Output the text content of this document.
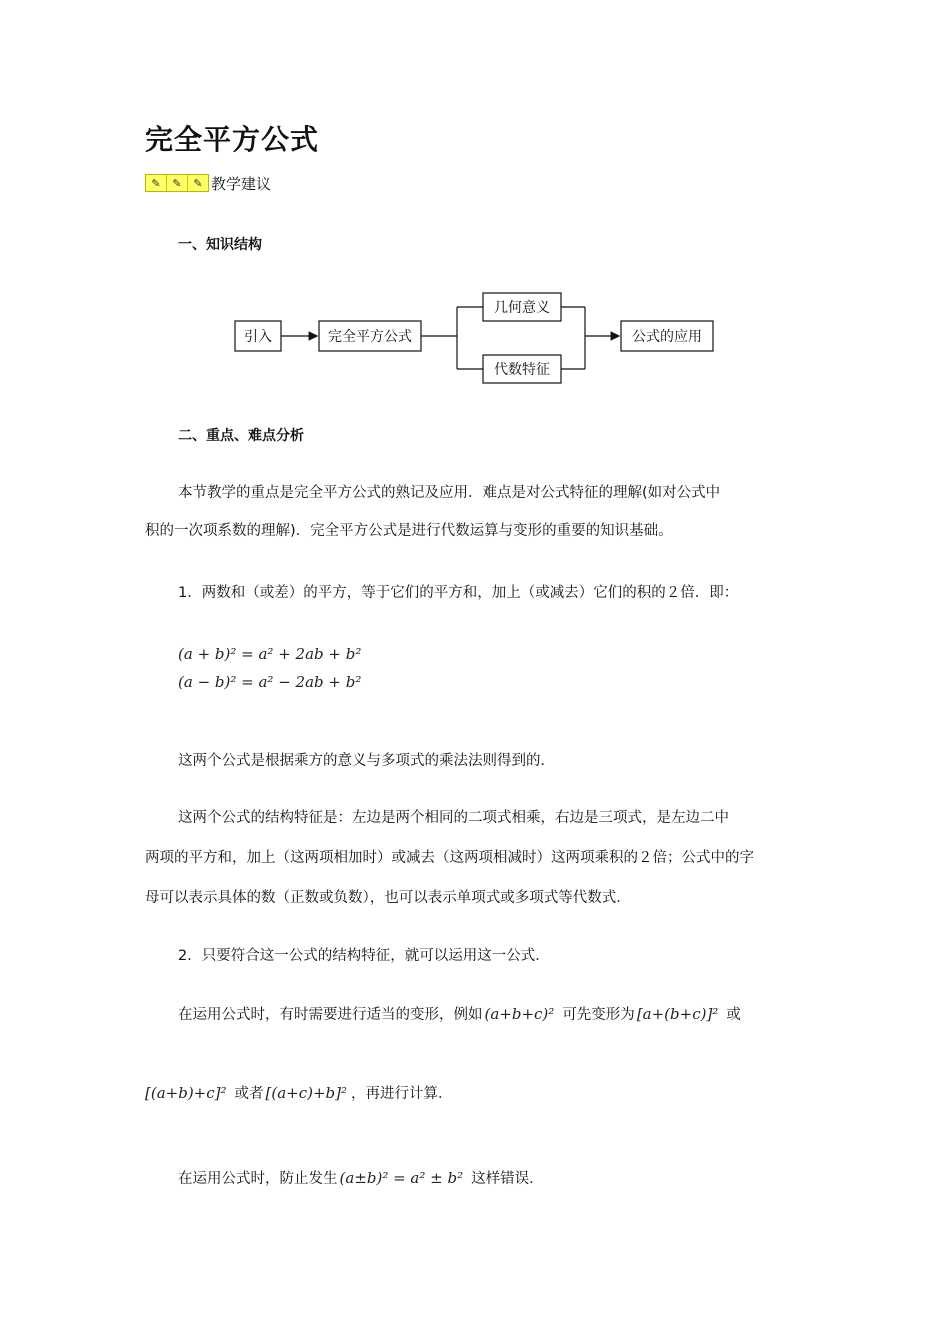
完全平方公式
✎	✎	✎ 教学建议
一、知识结构
引入	完全平方公式
几何意义
代数特征
公式的应用
二、重点、难点分析
本节教学的重点是完全平方公式的熟记及应用．难点是对公式特征的理解(如对公式中
积的一次项系数的理解)．完全平方公式是进行代数运算与变形的重要的知识基础。
1．两数和（或差）的平方，等于它们的平方和，加上（或减去）它们的积的２倍．即：
(a + b)² = a² + 2ab + b²
(a − b)² = a² − 2ab + b²
这两个公式是根据乘方的意义与多项式的乘法法则得到的．
这两个公式的结构特征是：左边是两个相同的二项式相乘，右边是三项式，是左边二中
两项的平方和，加上（这两项相加时）或减去（这两项相减时）这两项乘积的２倍；公式中的字
母可以表示具体的数（正数或负数），也可以表示单项式或多项式等代数式．
2．只要符合这一公式的结构特征，就可以运用这一公式．
在运用公式时，有时需要进行适当的变形，例如 (a+b+c)² 可先变形为 [a+(b+c)]² 或
[(a+b)+c]² 或者 [(a+c)+b]² ，再进行计算．
在运用公式时，防止发生 (a±b)² = a² ± b² 这样错误．
